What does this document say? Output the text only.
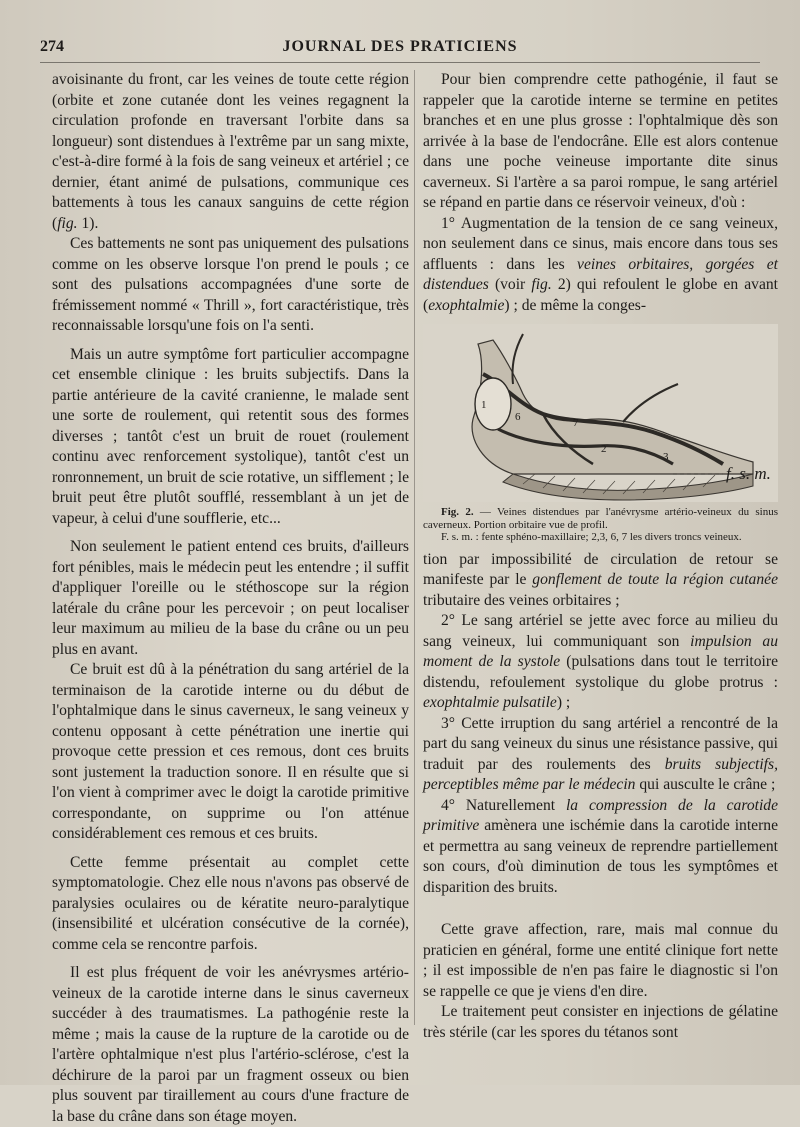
274	JOURNAL DES PRATICIENS

avoisinante du front, car les veines de toute cette région (orbite et zone cutanée dont les veines regagnent la circulation profonde en traversant l'orbite dans sa longueur) sont distendues à l'extrême par un sang mixte, c'est-à-dire formé à la fois de sang veineux et artériel ; ce dernier, étant animé de pulsations, communique ces battements à tous les canaux sanguins de cette région (fig. 1).

Ces battements ne sont pas uniquement des pulsations comme on les observe lorsque l'on prend le pouls ; ce sont des pulsations accompagnées d'une sorte de frémissement nommé « Thrill », fort caractéristique, très reconnaissable lorsqu'une fois on l'a senti.

Mais un autre symptôme fort particulier accompagne cet ensemble clinique : les bruits subjectifs. Dans la partie antérieure de la cavité cranienne, le malade sent une sorte de roulement, qui retentit sous des formes diverses ; tantôt c'est un bruit de rouet (roulement continu avec renforcement systolique), tantôt c'est un ronronnement, un bruit de scie rotative, un sifflement ; le bruit peut être plutôt soufflé, ressemblant à un jet de vapeur, à celui d'une soufflerie, etc...

Non seulement le patient entend ces bruits, d'ailleurs fort pénibles, mais le médecin peut les entendre ; il suffit d'appliquer l'oreille ou le stéthoscope sur la région latérale du crâne pour les percevoir ; on peut localiser leur maximum au milieu de la base du crâne ou un peu plus en avant.

Ce bruit est dû à la pénétration du sang artériel de la terminaison de la carotide interne ou du début de l'ophtalmique dans le sinus caverneux, le sang veineux y contenu opposant à cette pénétration une inertie qui provoque cette pression et ces remous, dont ces bruits sont justement la traduction sonore. Il en résulte que si l'on vient à comprimer avec le doigt la carotide primitive correspondante, on supprime ou l'on atténue considérablement ces remous et ces bruits.

Cette femme présentait au complet cette symptomatologie. Chez elle nous n'avons pas observé de paralysies oculaires ou de kératite neuro-paralytique (insensibilité et ulcération consécutive de la cornée), comme cela se rencontre parfois.

Il est plus fréquent de voir les anévrysmes artério-veineux de la carotide interne dans le sinus caverneux succéder à des traumatismes. La pathogénie reste la même ; mais la cause de la rupture de la carotide ou de l'artère ophtalmique n'est plus l'artério-sclérose, c'est la déchirure de la paroi par un fragment osseux ou bien plus souvent par tiraillement au cours d'une fracture de la base du crâne dans son étage moyen.

Pour bien comprendre cette pathogénie, il faut se rappeler que la carotide interne se termine en petites branches et en une plus grosse : l'ophtalmique dès son arrivée à la base de l'endocrâne. Elle est alors contenue dans une poche veineuse importante dite sinus caverneux. Si l'artère a sa paroi rompue, le sang artériel se répand en partie dans ce réservoir veineux, d'où :

1° Augmentation de la tension de ce sang veineux, non seulement dans ce sinus, mais encore dans tous ses affluents : dans les veines orbitaires, gorgées et distendues (voir fig. 2) qui refoulent le globe en avant (exophtalmie) ; de même la conges-

f. s. m.
1
2
3
6	7

Fig. 2. — Veines distendues par l'anévrysme artério-veineux du sinus caverneux. Portion orbitaire vue de profil.

F. s. m. : fente sphéno-maxillaire; 2,3, 6, 7 les divers troncs veineux.

tion par impossibilité de circulation de retour se manifeste par le gonflement de toute la région cutanée tributaire des veines orbitaires ;

2° Le sang artériel se jette avec force au milieu du sang veineux, lui communiquant son impulsion au moment de la systole (pulsations dans tout le territoire distendu, refoulement systolique du globe protrus : exophtalmie pulsatile) ;

3° Cette irruption du sang artériel a rencontré de la part du sang veineux du sinus une résistance passive, qui traduit par des roulements des bruits subjectifs, perceptibles même par le médecin qui ausculte le crâne ;

4° Naturellement la compression de la carotide primitive amènera une ischémie dans la carotide interne et permettra au sang veineux de reprendre partiellement son cours, d'où diminution de tous les symptômes et disparition des bruits.

Cette grave affection, rare, mais mal connue du praticien en général, forme une entité clinique fort nette ; il est impossible de n'en pas faire le diagnostic si l'on se rappelle ce que je viens d'en dire.

Le traitement peut consister en injections de gélatine très stérile (car les spores du tétanos sont
